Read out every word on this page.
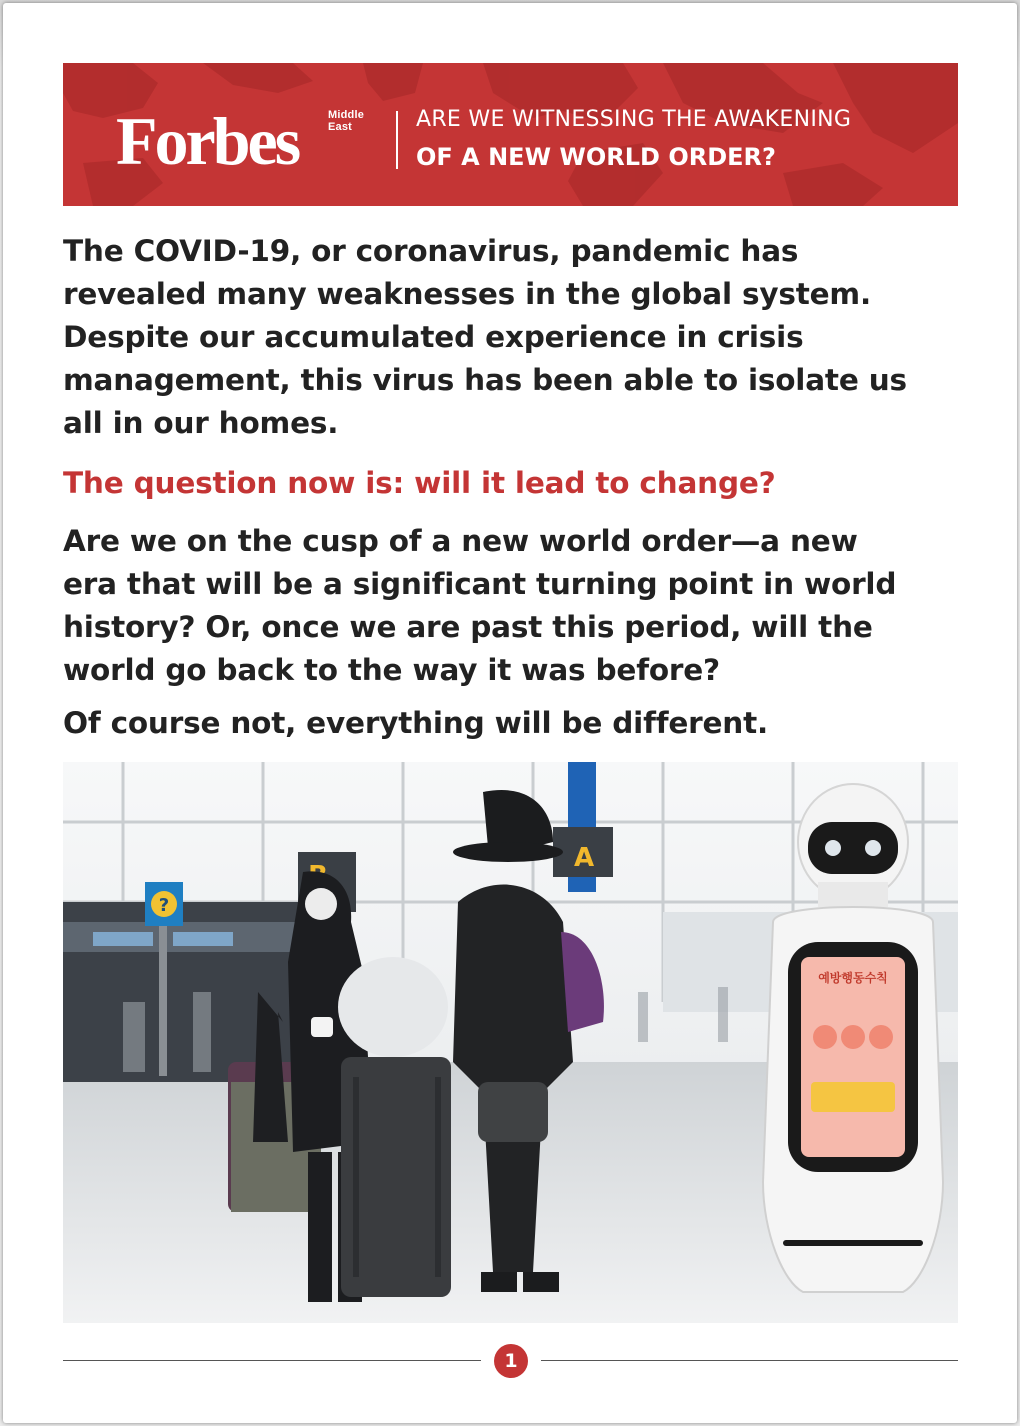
Middle East
Forbes	ARE WE WITNESSING THE AWAKENING
OF A NEW WORLD ORDER?
The COVID-19, or coronavirus, pandemic has
revealed many weaknesses in the global system.
Despite our accumulated experience in crisis
management, this virus has been able to isolate us
all in our homes.
The question now is: will it lead to change?
Are we on the cusp of a new world order—a new
era that will be a significant turning point in world
history? Or, once we are past this period, will the
world go back to the way it was before?
Of course not, everything will be different.
?
A
예방행동수칙
1
